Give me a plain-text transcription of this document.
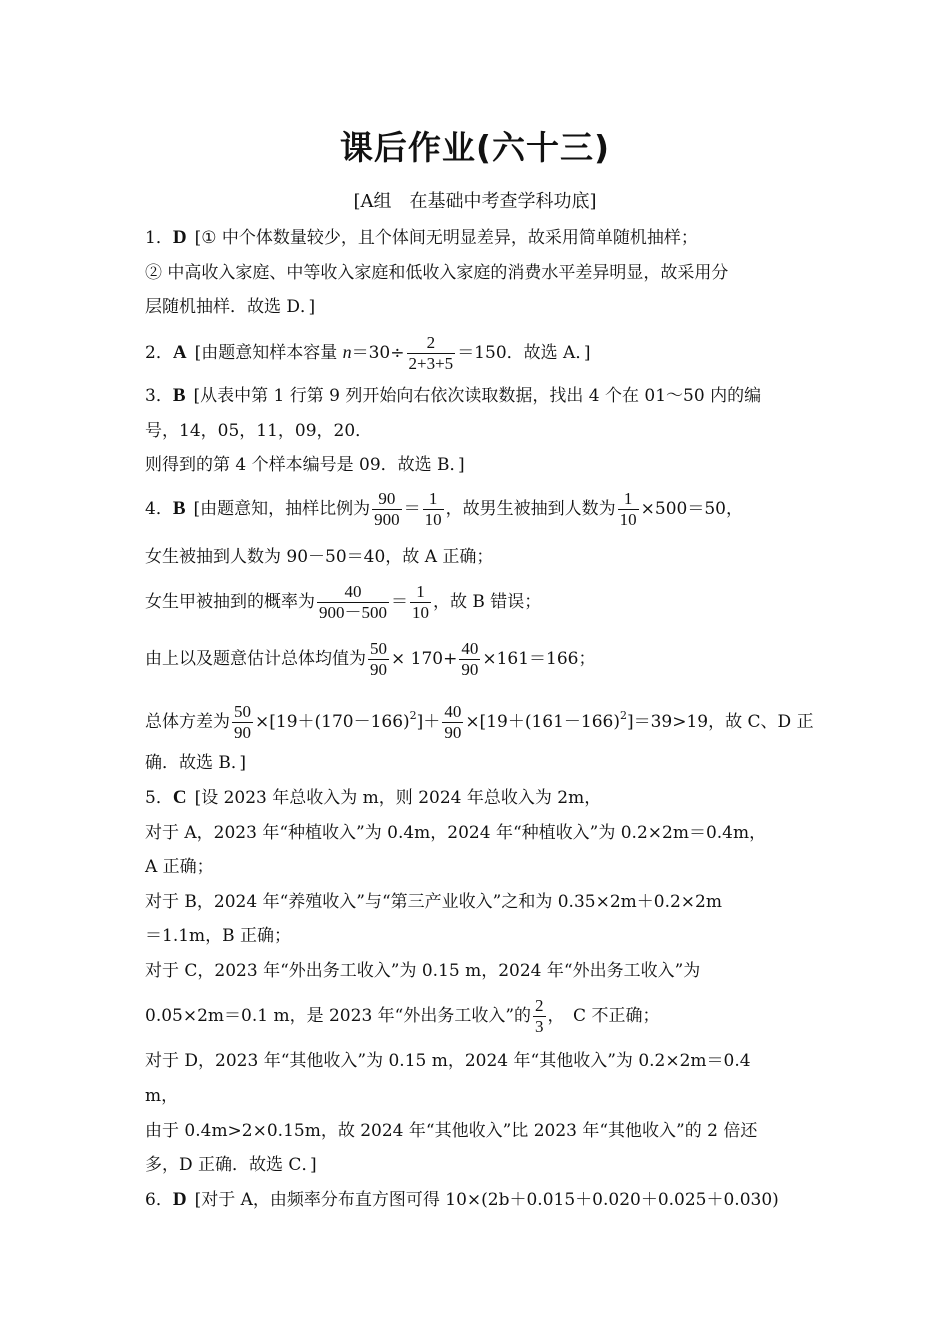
课后作业(六十三)
[A组　在基础中考查学科功底]
1．D [① 中个体数量较少，且个体间无明显差异，故采用简单随机抽样；
② 中高收入家庭、中等收入家庭和低收入家庭的消费水平差异明显，故采用分
层随机抽样．故选 D．]
2．A [由题意知样本容量 $n=30\div \frac{2}{2+3+5} =150$．故选 A．]
3．B [从表中第 1 行第 9 列开始向右依次读取数据，找出 4 个在 01～50 内的编
号，14，05，11，09，20．
则得到的第 4 个样本编号是 09．故选 B．]
4．B [由题意知，抽样比例为 $\frac{90}{900} = \frac{1}{10}$ ，故男生被抽到人数为 $\frac{1}{10} \times 500=50$，
女生被抽到人数为 90－50＝40，故 A 正确；
女生甲被抽到的概率为 $\frac{40}{900-500} = \frac{1}{10}$ ，故 B 错误；
由上以及题意估计总体均值为 $\frac{50}{90} \times 170+ \frac{40}{90} \times 161=166$；
总体方差为 $\frac{50}{90} \times[19+(170-166)^2]+ \frac{40}{90} \times[19+(161-166)^2]=39>19$，故 C、D 正
确．故选 B．]
5．C [设 2023 年总收入为 m，则 2024 年总收入为 2m，
对于 A，2023 年“种植收入”为 0.4m，2024 年“种植收入”为 0.2×2m＝0.4m，
A 正确；
对于 B，2024 年“养殖收入”与“第三产业收入”之和为 0.35×2m＋0.2×2m
＝1.1m，B 正确；
对于 C，2023 年“外出务工收入”为 0.15 m，2024 年“外出务工收入”为
0.05×2m＝0.1 m，是 2023 年“外出务工收入”的 $\frac{2}{3}$ ，　C 不正确；
对于 D，2023 年“其他收入”为 0.15 m，2024 年“其他收入”为 0.2×2m＝0.4
m，
由于 0.4m>2×0.15m，故 2024 年“其他收入”比 2023 年“其他收入”的 2 倍还
多，D 正确．故选 C．]
6．D [对于 A，由频率分布直方图可得 10×(2b＋0.015＋0.020＋0.025＋0.030)
